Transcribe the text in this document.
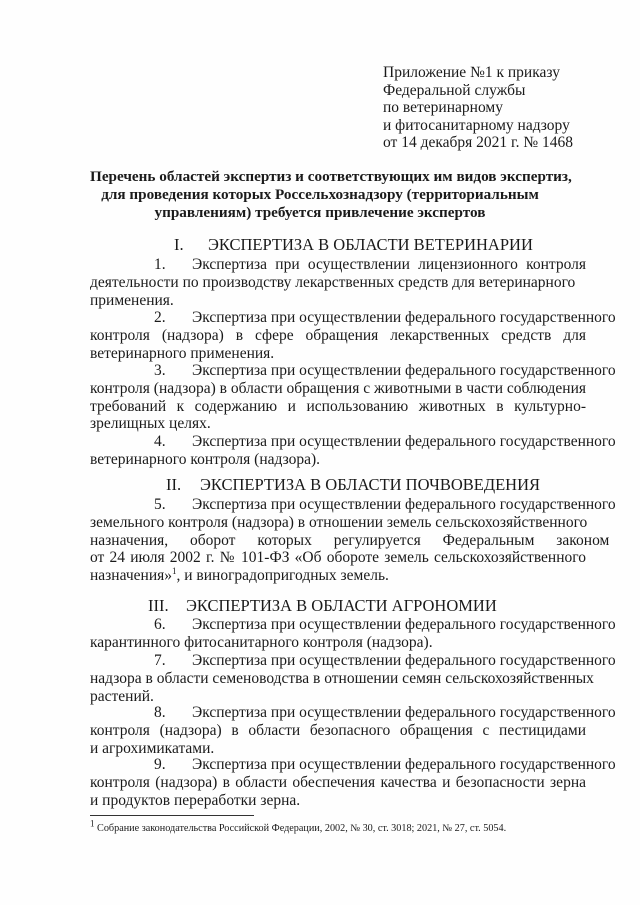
Приложение №1 к приказу
Федеральной службы
по ветеринарному
и фитосанитарному надзору
от 14 декабря 2021 г. № 1468
Перечень областей экспертиз и соответствующих им видов экспертиз,
для проведения которых Россельхознадзору (территориальным
управлениям) требуется привлечение экспертов
I. ЭКСПЕРТИЗА В ОБЛАСТИ ВЕТЕРИНАРИИ
1.	Экспертиза при осуществлении лицензионного контроля
деятельности по производству лекарственных средств для ветеринарного
применения.
2.	Экспертиза при осуществлении федерального государственного
контроля (надзора) в сфере обращения лекарственных средств для
ветеринарного применения.
3.	Экспертиза при осуществлении федерального государственного
контроля (надзора) в области обращения с животными в части соблюдения
требований к содержанию и использованию животных в культурно-
зрелищных целях.
4.	Экспертиза при осуществлении федерального государственного
ветеринарного контроля (надзора).
II. ЭКСПЕРТИЗА В ОБЛАСТИ ПОЧВОВЕДЕНИЯ
5.	Экспертиза при осуществлении федерального государственного
земельного контроля (надзора) в отношении земель сельскохозяйственного
назначения, оборот которых регулируется Федеральным законом
от 24 июля 2002 г. № 101-ФЗ «Об обороте земель сельскохозяйственного
назначения»$^1$, и виноградопригодных земель.
III. ЭКСПЕРТИЗА В ОБЛАСТИ АГРОНОМИИ
6.	Экспертиза при осуществлении федерального государственного
карантинного фитосанитарного контроля (надзора).
7.	Экспертиза при осуществлении федерального государственного
надзора в области семеноводства в отношении семян сельскохозяйственных
растений.
8.	Экспертиза при осуществлении федерального государственного
контроля (надзора) в области безопасного обращения с пестицидами
и агрохимикатами.
9.	Экспертиза при осуществлении федерального государственного
контроля (надзора) в области обеспечения качества и безопасности зерна
и продуктов переработки зерна.
$^1$ Собрание законодательства Российской Федерации, 2002, № 30, ст. 3018; 2021, № 27, ст. 5054.
